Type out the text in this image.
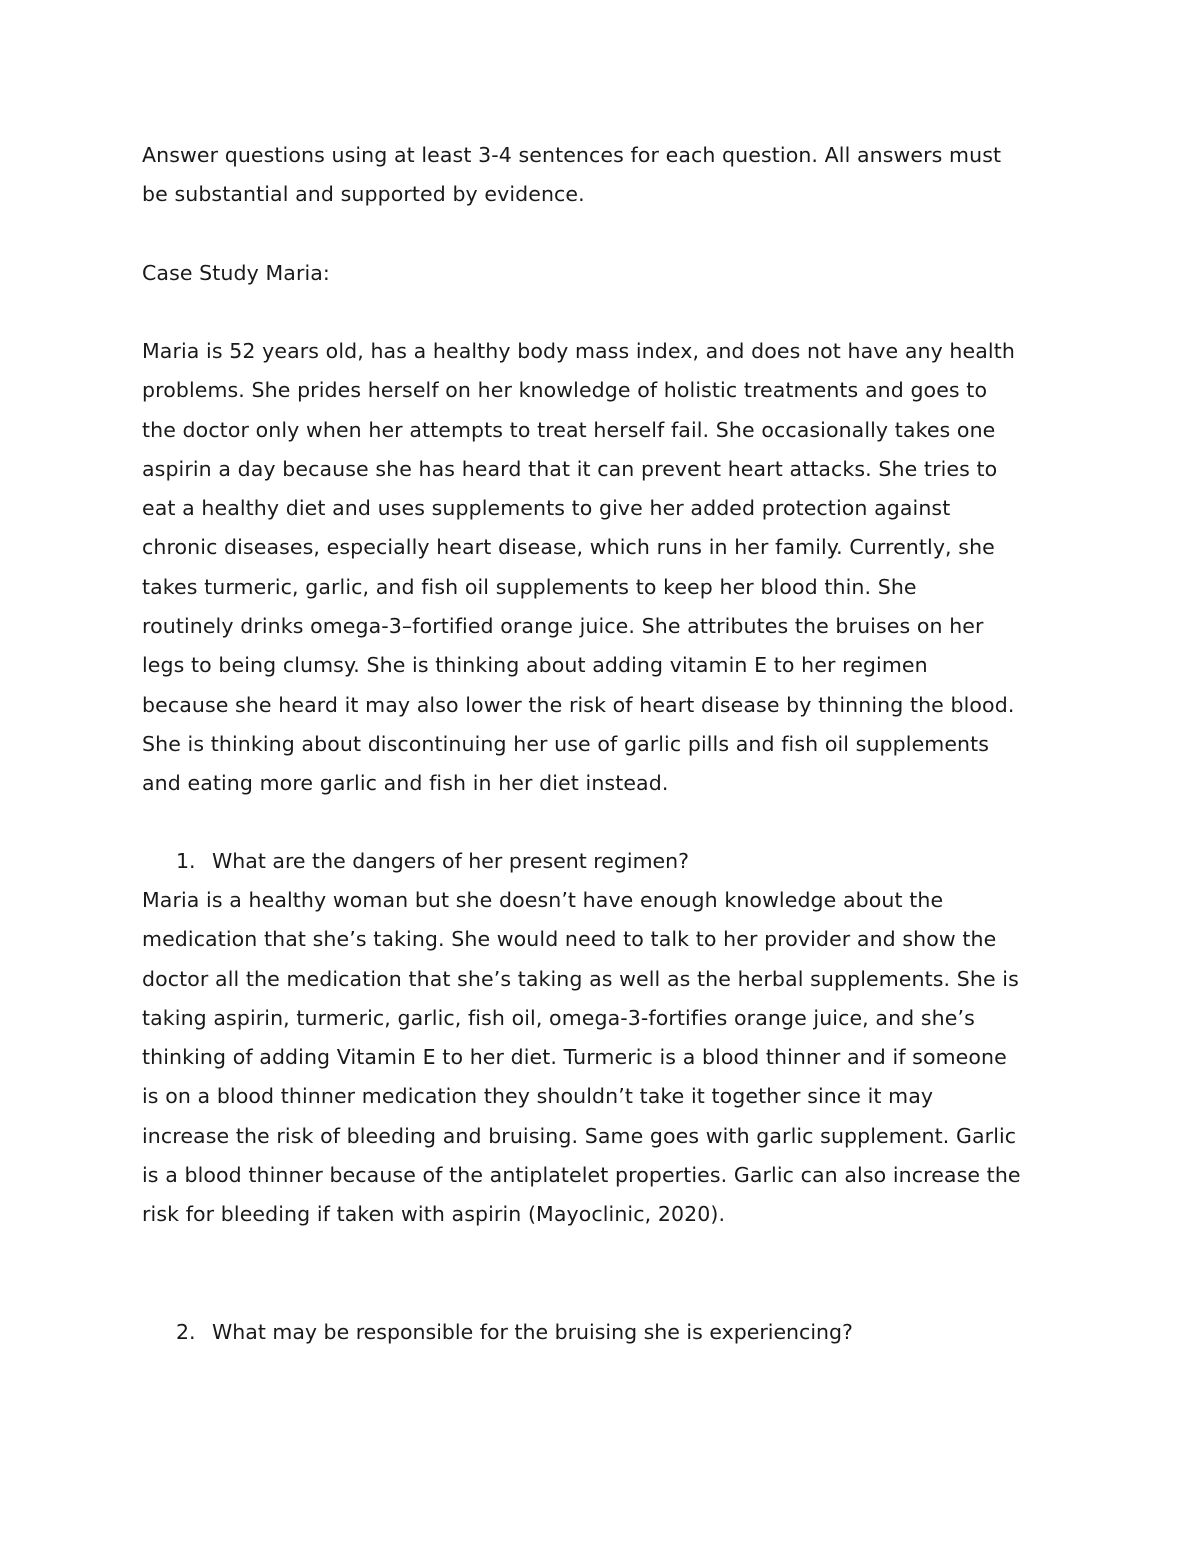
Answer questions using at least 3-4 sentences for each question. All answers must
be substantial and supported by evidence.
Case Study Maria:
Maria is 52 years old, has a healthy body mass index, and does not have any health
problems. She prides herself on her knowledge of holistic treatments and goes to
the doctor only when her attempts to treat herself fail. She occasionally takes one
aspirin a day because she has heard that it can prevent heart attacks. She tries to
eat a healthy diet and uses supplements to give her added protection against
chronic diseases, especially heart disease, which runs in her family. Currently, she
takes turmeric, garlic, and fish oil supplements to keep her blood thin. She
routinely drinks omega-3–fortified orange juice. She attributes the bruises on her
legs to being clumsy. She is thinking about adding vitamin E to her regimen
because she heard it may also lower the risk of heart disease by thinning the blood.
She is thinking about discontinuing her use of garlic pills and fish oil supplements
and eating more garlic and fish in her diet instead.
1. What are the dangers of her present regimen?
Maria is a healthy woman but she doesn’t have enough knowledge about the
medication that she’s taking. She would need to talk to her provider and show the
doctor all the medication that she’s taking as well as the herbal supplements. She is
taking aspirin, turmeric, garlic, fish oil, omega-3-fortifies orange juice, and she’s
thinking of adding Vitamin E to her diet. Turmeric is a blood thinner and if someone
is on a blood thinner medication they shouldn’t take it together since it may
increase the risk of bleeding and bruising. Same goes with garlic supplement. Garlic
is a blood thinner because of the antiplatelet properties. Garlic can also increase the
risk for bleeding if taken with aspirin (Mayoclinic, 2020).
2. What may be responsible for the bruising she is experiencing?
